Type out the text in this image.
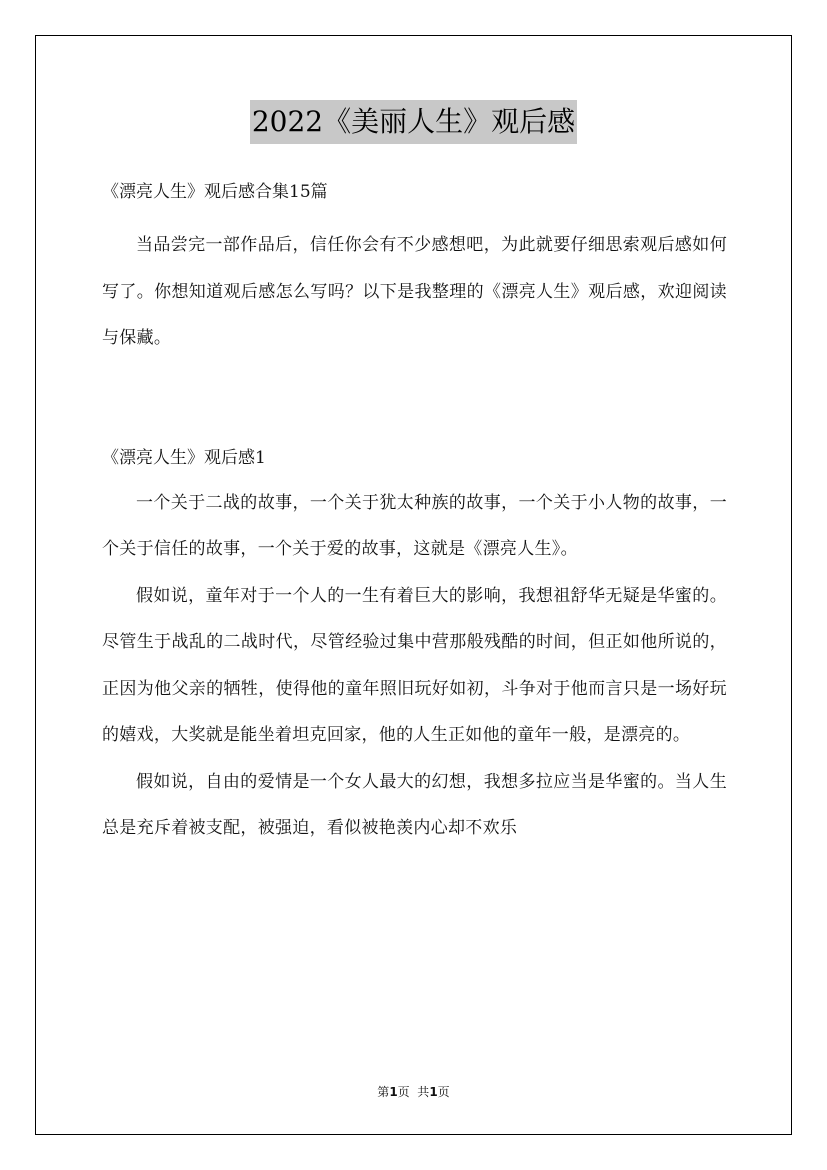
2022《美丽人生》观后感

《漂亮人生》观后感合集15篇

当品尝完一部作品后，信任你会有不少感想吧，为此就要仔细思索观后感如何写了。你想知道观后感怎么写吗？以下是我整理的《漂亮人生》观后感，欢迎阅读与保藏。

《漂亮人生》观后感1

一个关于二战的故事，一个关于犹太种族的故事，一个关于小人物的故事，一个关于信任的故事，一个关于爱的故事，这就是《漂亮人生》。

假如说，童年对于一个人的一生有着巨大的影响，我想祖舒华无疑是华蜜的。尽管生于战乱的二战时代，尽管经验过集中营那般残酷的时间，但正如他所说的，正因为他父亲的牺牲，使得他的童年照旧玩好如初，斗争对于他而言只是一场好玩的嬉戏，大奖就是能坐着坦克回家，他的人生正如他的童年一般，是漂亮的。

假如说，自由的爱情是一个女人最大的幻想，我想多拉应当是华蜜的。当人生总是充斥着被支配，被强迫，看似被艳羡内心却不欢乐

第1页  共1页
